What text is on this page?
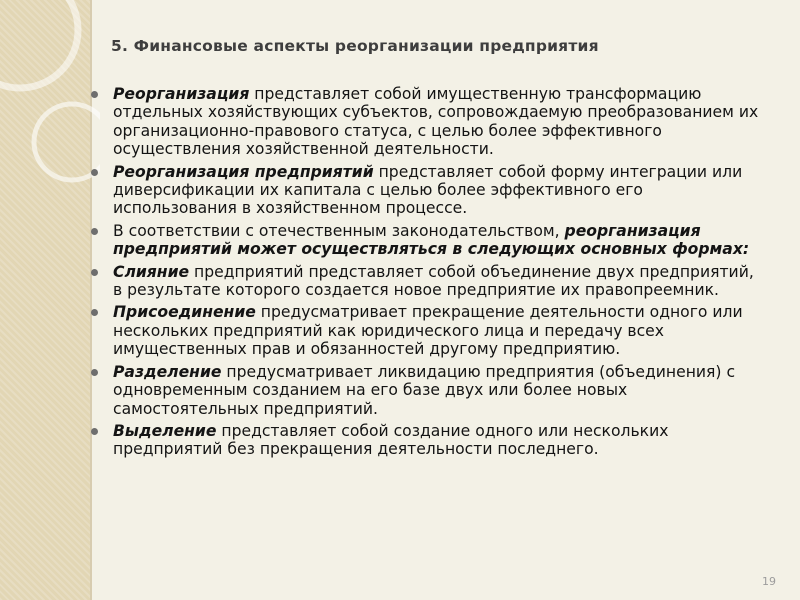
5. Финансовые аспекты реорганизации предприятия
Реорганизация представляет собой имущественную трансформацию отдельных хозяйствующих субъектов, сопровождаемую преобразованием их организационно-правового статуса, с целью более эффективного осуществления хозяйственной деятельности.
Реорганизация предприятий представляет собой форму интеграции или диверсификации их капитала с целью более эффективного его использования в хозяйственном процессе.
В соответствии с отечественным законодательством, реорганизация предприятий может осуществляться в следующих основных формах:
Слияние предприятий представляет собой объединение двух предприятий, в результате которого создается новое предприятие их правопреемник.
Присоединение предусматривает прекращение деятельности одного или нескольких предприятий как юридического лица и передачу всех имущественных прав и обязанностей другому предприятию.
Разделение предусматривает ликвидацию предприятия (объединения) с одновременным созданием на его базе двух или более новых самостоятельных предприятий.
Выделение представляет собой создание одного или нескольких предприятий без прекращения деятельности последнего.
19
